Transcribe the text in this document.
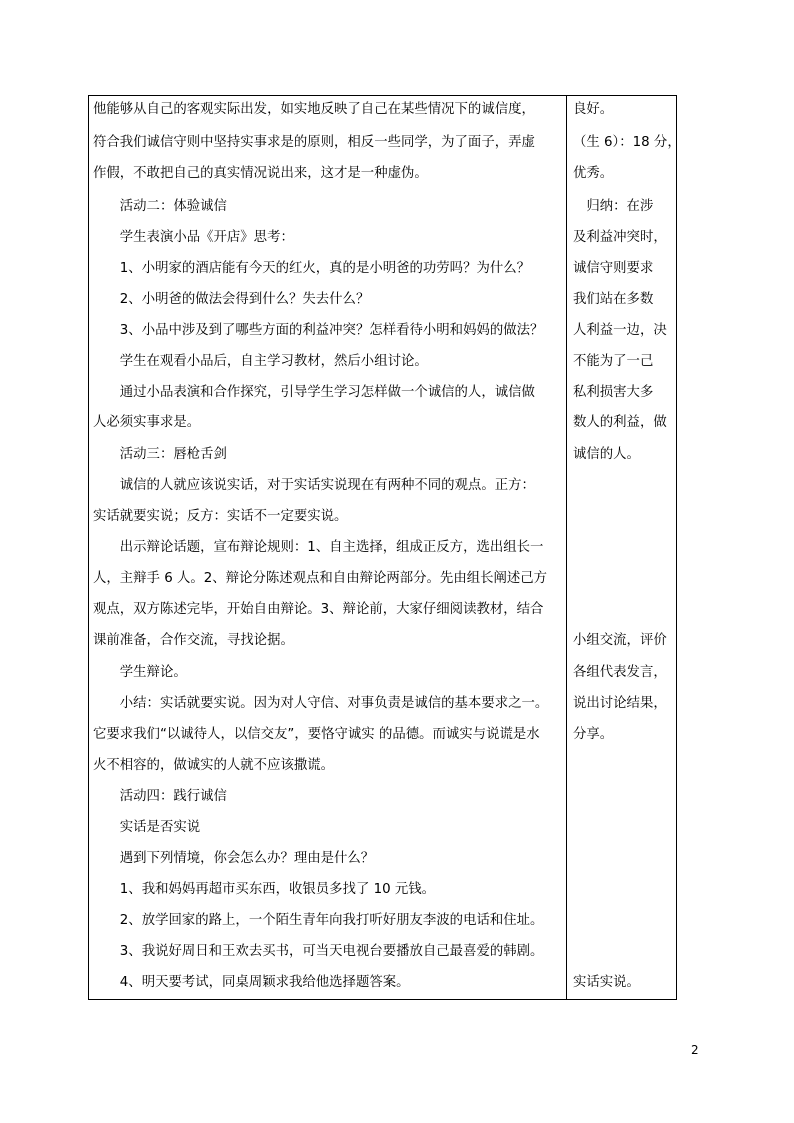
他能够从自己的客观实际出发，如实地反映了自己在某些情况下的诚信度，
符合我们诚信守则中坚持实事求是的原则，相反一些同学，为了面子，弄虚
作假，不敢把自己的真实情况说出来，这才是一种虚伪。
　　活动二：体验诚信
　　学生表演小品《开店》思考：
　　1、小明家的酒店能有今天的红火，真的是小明爸的功劳吗？为什么？
　　2、小明爸的做法会得到什么？失去什么？
　　3、小品中涉及到了哪些方面的利益冲突？怎样看待小明和妈妈的做法？
　　学生在观看小品后，自主学习教材，然后小组讨论。
　　通过小品表演和合作探究，引导学生学习怎样做一个诚信的人，诚信做
人必须实事求是。
　　活动三：唇枪舌剑
　　诚信的人就应该说实话，对于实话实说现在有两种不同的观点。正方：
实话就要实说；反方：实话不一定要实说。
　　出示辩论话题，宣布辩论规则：1、自主选择，组成正反方，选出组长一
人，主辩手 6 人。2、辩论分陈述观点和自由辩论两部分。先由组长阐述己方
观点，双方陈述完毕，开始自由辩论。3、辩论前，大家仔细阅读教材，结合
课前准备，合作交流，寻找论据。
　　学生辩论。
　　小结：实话就要实说。因为对人守信、对事负责是诚信的基本要求之一。
它要求我们“以诚待人，以信交友”，要恪守诚实 的品德。而诚实与说谎是水
火不相容的，做诚实的人就不应该撒谎。
　　活动四：践行诚信
　　实话是否实说
　　遇到下列情境，你会怎么办？理由是什么？
　　1、我和妈妈再超市买东西，收银员多找了 10 元钱。
　　2、放学回家的路上，一个陌生青年向我打听好朋友李波的电话和住址。
　　3、我说好周日和王欢去买书，可当天电视台要播放自己最喜爱的韩剧。
　　4、明天要考试，同桌周颖求我给他选择题答案。
良好。
（生 6）：18 分，
优秀。
　归纳：在涉
及利益冲突时，
诚信守则要求
我们站在多数
人利益一边，决
不能为了一己
私利损害大多
数人的利益，做
诚信的人。
小组交流，评价
各组代表发言，
说出讨论结果，
分享。
实话实说。
2
